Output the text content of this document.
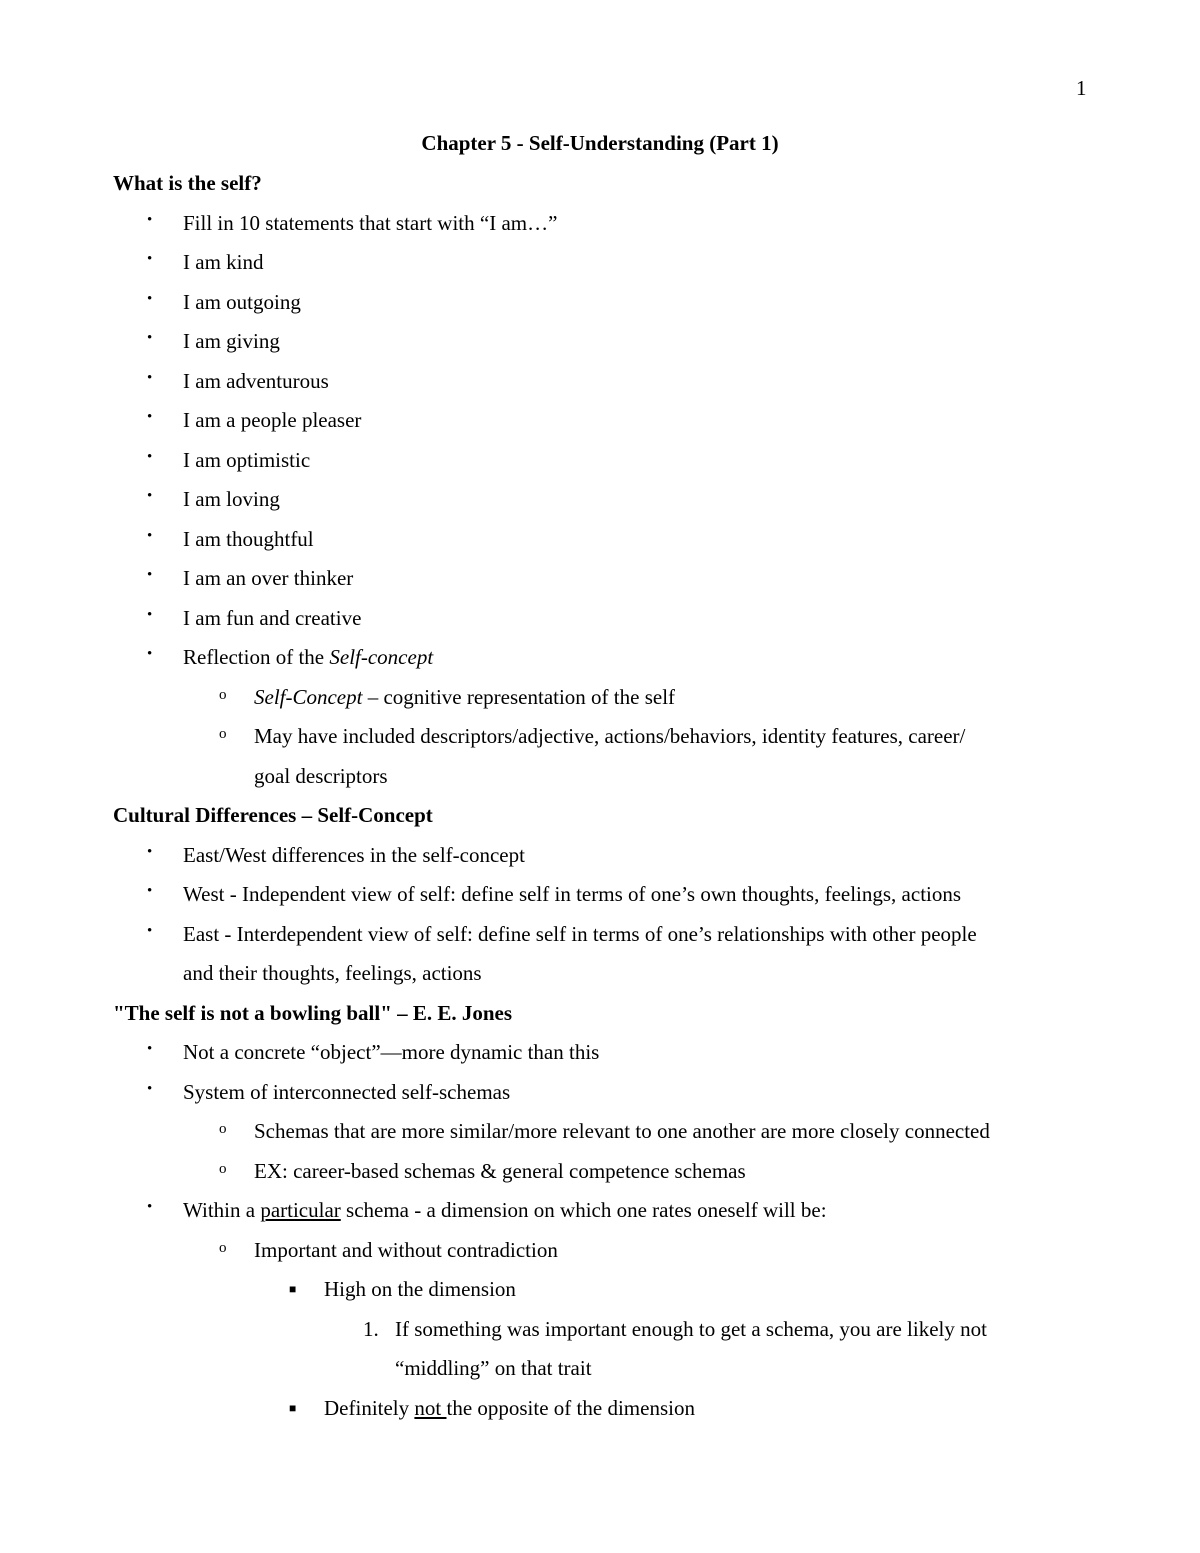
1
Chapter 5 - Self-Understanding (Part 1)
What is the self?
• Fill in 10 statements that start with “I am…”
• I am kind
• I am outgoing
• I am giving
• I am adventurous
• I am a people pleaser
• I am optimistic
• I am loving
• I am thoughtful
• I am an over thinker
• I am fun and creative
• Reflection of the Self-concept
o Self-Concept – cognitive representation of the self
o May have included descriptors/adjective, actions/behaviors, identity features, career/
goal descriptors
Cultural Differences – Self-Concept
• East/West differences in the self-concept
• West - Independent view of self: define self in terms of one’s own thoughts, feelings, actions
• East - Interdependent view of self: define self in terms of one’s relationships with other people
and their thoughts, feelings, actions
"The self is not a bowling ball" – E. E. Jones
• Not a concrete “object”—more dynamic than this
• System of interconnected self-schemas
o Schemas that are more similar/more relevant to one another are more closely connected
o EX: career-based schemas & general competence schemas
• Within a particular schema - a dimension on which one rates oneself will be:
o Important and without contradiction
■ High on the dimension
1. If something was important enough to get a schema, you are likely not
“middling” on that trait
■ Definitely not the opposite of the dimension
